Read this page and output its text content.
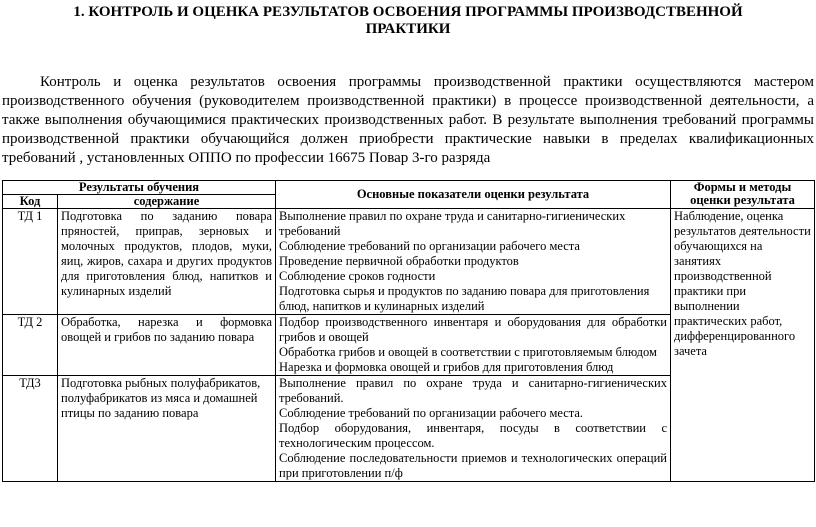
1. КОНТРОЛЬ И ОЦЕНКА РЕЗУЛЬТАТОВ ОСВОЕНИЯ ПРОГРАММЫ ПРОИЗВОДСТВЕННОЙ
ПРАКТИКИ
Контроль и оценка результатов освоения программы производственной практики осуществляются мастером производственного обучения (руководителем производственной практики) в процессе производственной деятельности, а также выполнения обучающимися практических производственных работ. В результате выполнения требований программы производственной практики обучающийся должен приобрести практические навыки в пределах квалификационных требований , установленных ОППО по профессии 16675 Повар 3-го разряда
Результаты обучения		Основные показатели оценки результата	Формы и методы оценки результата
Код	содержание		
ТД 1	Подготовка по заданию повара пряностей, приправ, зерновых и молочных продуктов, плодов, муки, яиц, жиров, сахара и других продуктов для приготовления блюд, напитков и кулинарных изделий	Выполнение правил по охране труда и санитарно-гигиенических требований
Соблюдение требований по организации рабочего места
Проведение первичной обработки продуктов
Соблюдение сроков годности
Подготовка сырья и продуктов по заданию повара для приготовления блюд, напитков и кулинарных изделий	Наблюдение, оценка результатов деятельности обучающихся на занятиях производственной практики при выполнении практических работ, дифференцированного зачета
ТД 2	Обработка, нарезка и формовка овощей и грибов по заданию повара	Подбор производственного инвентаря и оборудования для обработки грибов и овощей
Обработка грибов и овощей в соответствии с приготовляемым блюдом
Нарезка и формовка овощей и грибов для приготовления блюд	

ТД3	Подготовка рыбных полуфабрикатов, полуфабрикатов из мяса и домашней птицы по заданию повара	Выполнение правил по охране труда и санитарно-гигиенических требований.
Соблюдение требований по организации рабочего места.
Подбор оборудования, инвентаря, посуды в соответствии с технологическим процессом.
Соблюдение последовательности приемов и технологических операций при приготовлении п/ф	
